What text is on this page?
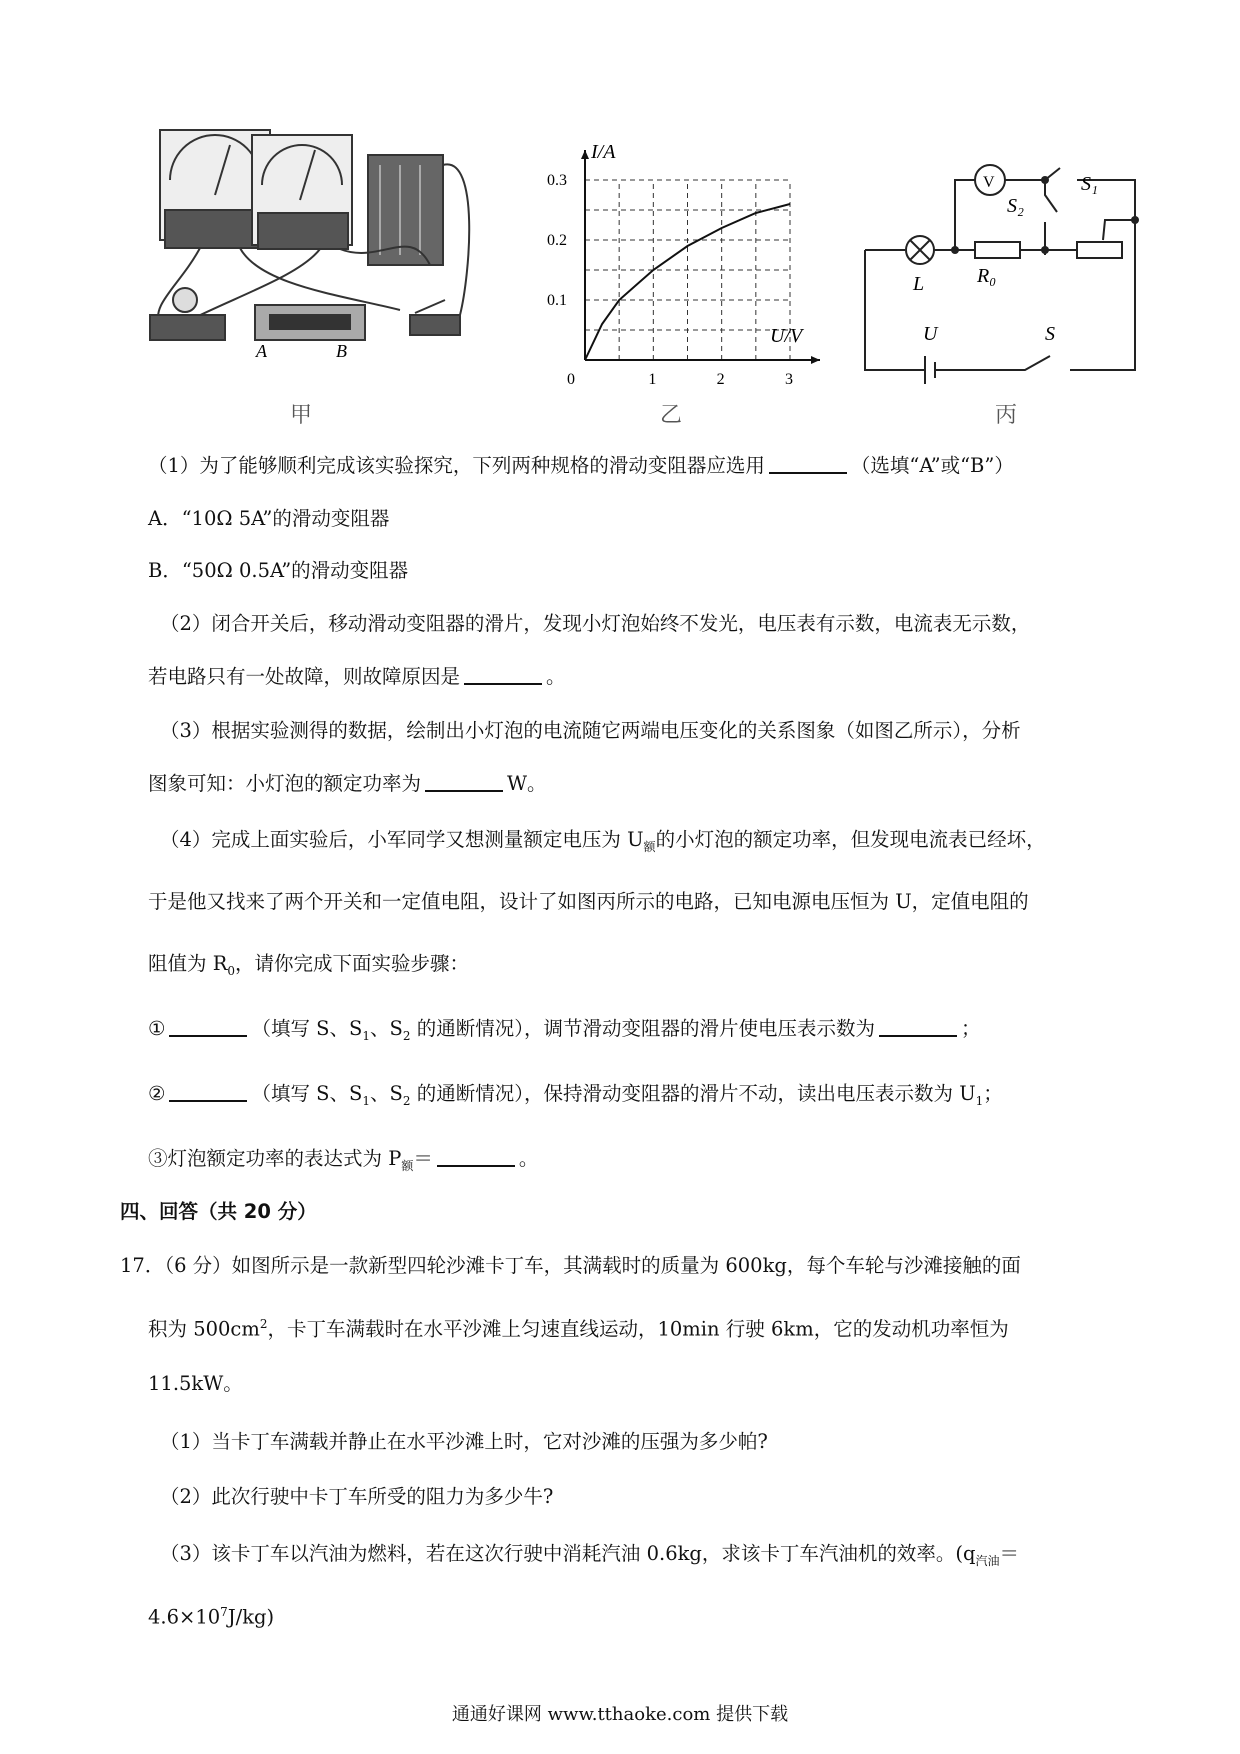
A	B
甲
1	2	3
0.1
0.2
0.3
0
I/A
U/V
乙
V	S₁
S₂
L	R₀
U	S
丙
（1）为了能够顺利完成该实验探究，下列两种规格的滑动变阻器应选用	（选填“A”或“B”）
A．“10Ω 5A”的滑动变阻器
B．“50Ω 0.5A”的滑动变阻器
（2）闭合开关后，移动滑动变阻器的滑片，发现小灯泡始终不发光，电压表有示数，电流表无示数，
若电路只有一处故障，则故障原因是	。
（3）根据实验测得的数据，绘制出小灯泡的电流随它两端电压变化的关系图象（如图乙所示），分析
图象可知：小灯泡的额定功率为	W。
（4）完成上面实验后，小军同学又想测量额定电压为 $U_额$的小灯泡的额定功率，但发现电流表已经坏，
于是他又找来了两个开关和一定值电阻，设计了如图丙所示的电路，已知电源电压恒为 U，定值电阻的
阻值为 $R_0$，请你完成下面实验步骤：
①	（填写 S、$S_1$、$S_2$ 的通断情况），调节滑动变阻器的滑片使电压表示数为	；
②	（填写 S、$S_1$、$S_2$ 的通断情况），保持滑动变阻器的滑片不动，读出电压表示数为 $U_1$；
③灯泡额定功率的表达式为 $P_额=$	。
四、回答（共 20 分）
17．（6 分）如图所示是一款新型四轮沙滩卡丁车，其满载时的质量为 600kg，每个车轮与沙滩接触的面
积为 $500cm^2$，卡丁车满载时在水平沙滩上匀速直线运动，10min 行驶 6km，它的发动机功率恒为
11.5kW。
（1）当卡丁车满载并静止在水平沙滩上时，它对沙滩的压强为多少帕?
（2）此次行驶中卡丁车所受的阻力为多少牛?
（3）该卡丁车以汽油为燃料，若在这次行驶中消耗汽油 0.6kg，求该卡丁车汽油机的效率。($q_{汽油}=$
$4.6\times 10^7J/kg$)
通通好课网 www.tthaoke.com 提供下载
